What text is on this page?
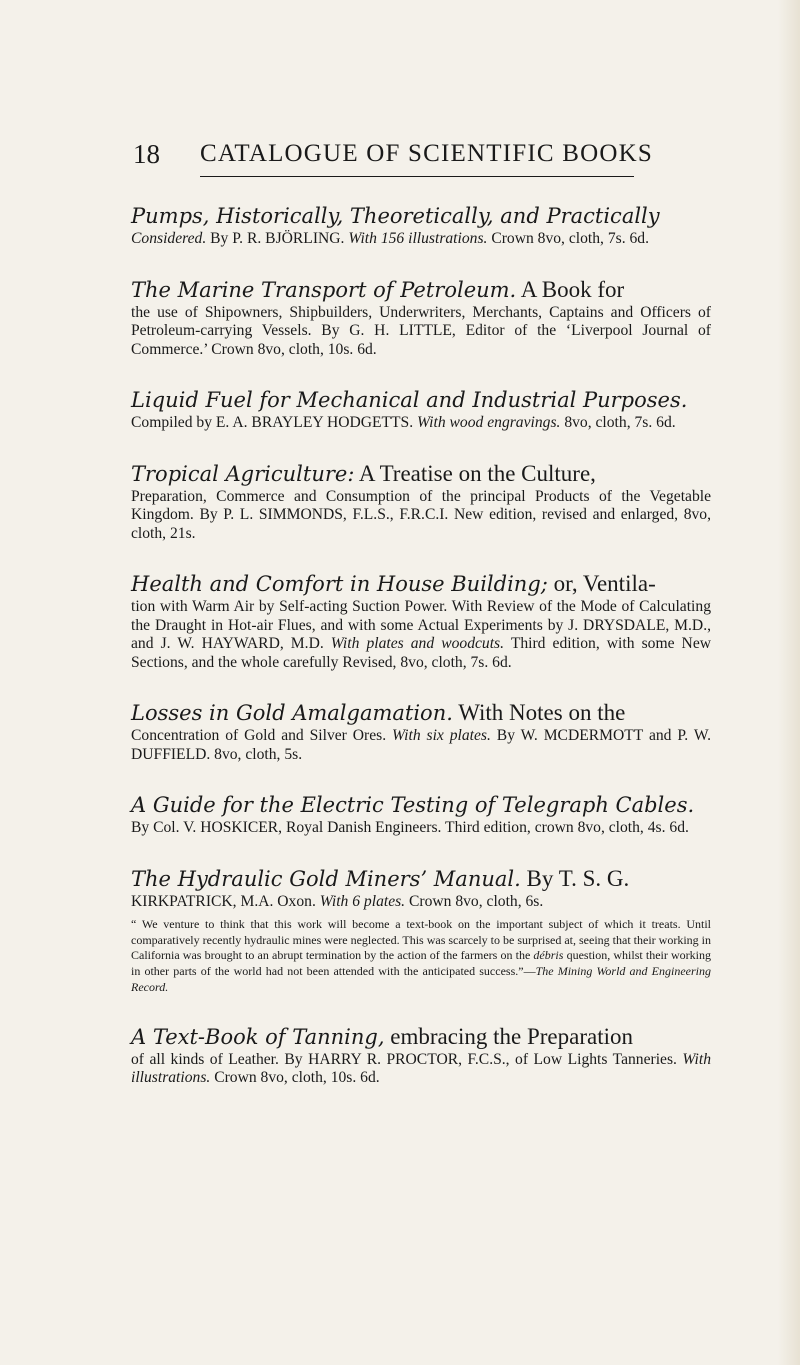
18 CATALOGUE OF SCIENTIFIC BOOKS
Pumps, Historically, Theoretically, and Practically
Considered. By P. R. BJÖRLING. With 156 illustrations. Crown 8vo, cloth, 7s. 6d.
The Marine Transport of Petroleum. A Book for
the use of Shipowners, Shipbuilders, Underwriters, Merchants, Captains and Officers of Petroleum-carrying Vessels. By G. H. LITTLE, Editor of the ‘Liverpool Journal of Commerce.’ Crown 8vo, cloth, 10s. 6d.
Liquid Fuel for Mechanical and Industrial Purposes.
Compiled by E. A. BRAYLEY HODGETTS. With wood engravings. 8vo, cloth, 7s. 6d.
Tropical Agriculture: A Treatise on the Culture,
Preparation, Commerce and Consumption of the principal Products of the Vegetable Kingdom. By P. L. SIMMONDS, F.L.S., F.R.C.I. New edition, revised and enlarged, 8vo, cloth, 21s.
Health and Comfort in House Building; or, Ventila-
tion with Warm Air by Self-acting Suction Power. With Review of the Mode of Calculating the Draught in Hot-air Flues, and with some Actual Experiments by J. DRYSDALE, M.D., and J. W. HAYWARD, M.D. With plates and woodcuts. Third edition, with some New Sections, and the whole carefully Revised, 8vo, cloth, 7s. 6d.
Losses in Gold Amalgamation. With Notes on the
Concentration of Gold and Silver Ores. With six plates. By W. MCDERMOTT and P. W. DUFFIELD. 8vo, cloth, 5s.
A Guide for the Electric Testing of Telegraph Cables.
By Col. V. HOSKICER, Royal Danish Engineers. Third edition, crown 8vo, cloth, 4s. 6d.
The Hydraulic Gold Miners’ Manual. By T. S. G.
KIRKPATRICK, M.A. Oxon. With 6 plates. Crown 8vo, cloth, 6s.
“ We venture to think that this work will become a text-book on the important subject of which it treats. Until comparatively recently hydraulic mines were neglected. This was scarcely to be surprised at, seeing that their working in California was brought to an abrupt termination by the action of the farmers on the débris question, whilst their working in other parts of the world had not been attended with the anticipated success.”—The Mining World and Engineering Record.
A Text-Book of Tanning, embracing the Preparation
of all kinds of Leather. By HARRY R. PROCTOR, F.C.S., of Low Lights Tanneries. With illustrations. Crown 8vo, cloth, 10s. 6d.
